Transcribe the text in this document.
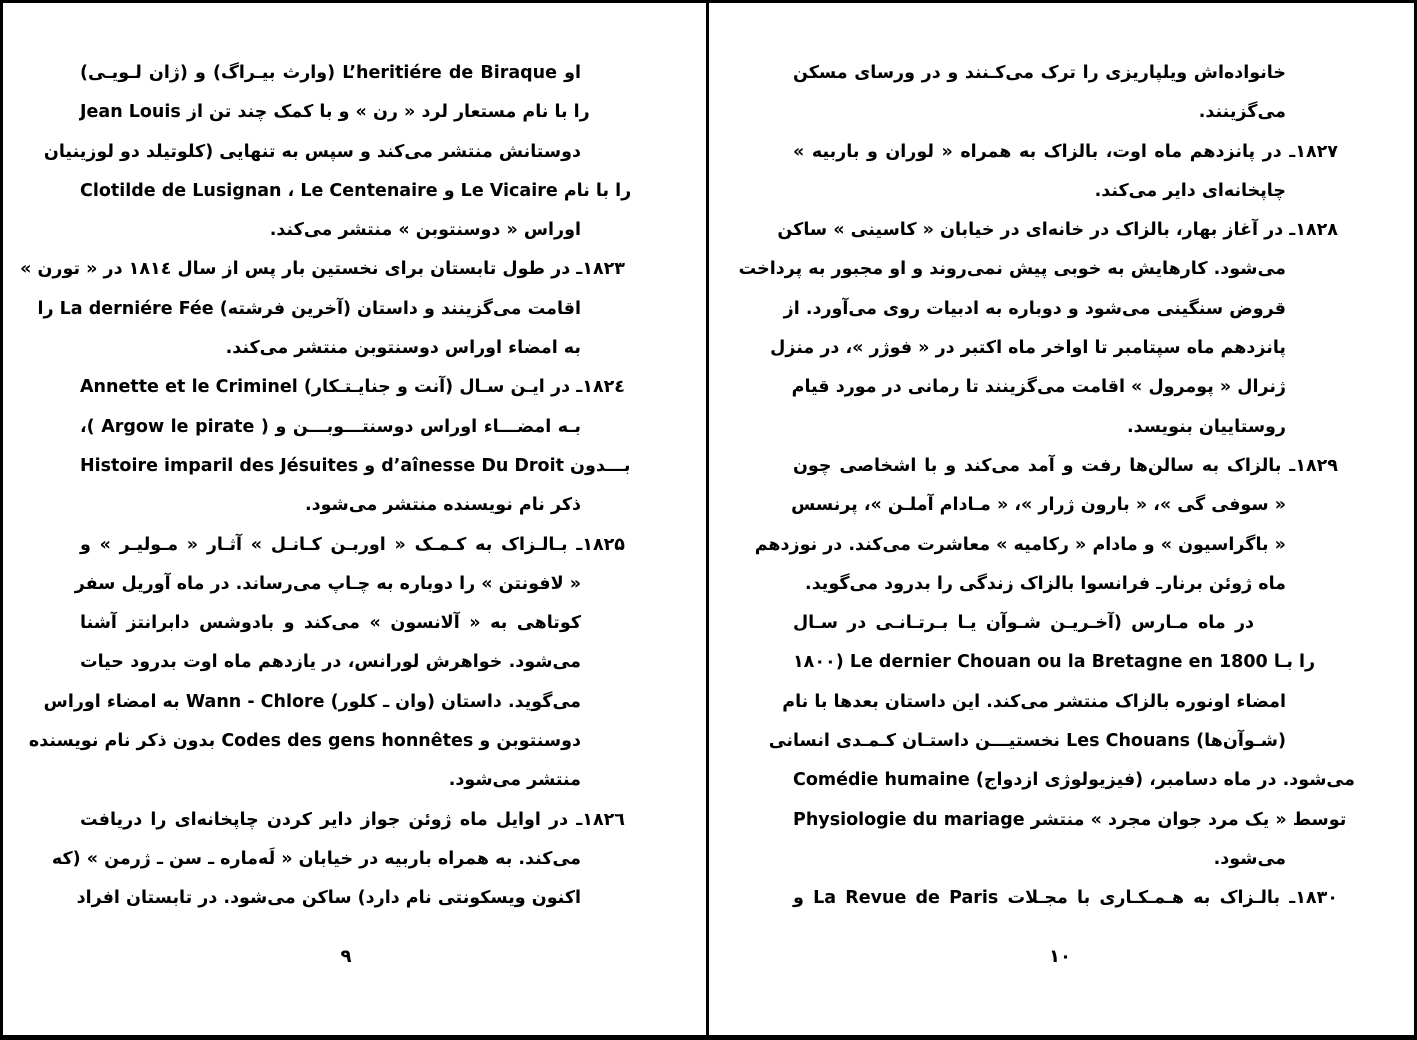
او L’heritiére de Biraque (وارث بیـراگ) و (ژان لـویـی)
Jean Louis را با نام مستعار لرد « رن » و با کمک چند تن از
دوستانش منتشر می‌کند و سپس به تنهایی (کلوتیلد دو لوزینیان
Clotilde de Lusignan ، Le Centenaire و Le Vicaire را با نام
اوراس « دوسنتوبن » منتشر می‌کند.
۱۸۲۳ـ در طول تابستان برای نخستین بار پس از سال ۱۸۱٤ در « تورن »
اقامت می‌گزینند و داستان (آخرین فرشته) La derniére Fée را
به امضاء اوراس دوسنتوبن منتشر می‌کند.
۱۸۲٤ـ در ایـن سـال (آنت و جنایـتـکار) Annette et le Criminel
،( Argow le pirate ) بـه امضـــاء اوراس دوسنتـــوبـــن و
Histoire imparil des Jésuites و d’aînesse Du Droit بـــدون
ذکر نام نویسنده منتشر می‌شود.
۱۸۲۵ـ بـالـزاک به کـمـک « اوربـن کـانـل » آثـار « مـولیـر » و
« لافونتن » را دوباره به چـاپ می‌رساند. در ماه آوریل سفر
کوتاهی به « آلانسون » می‌کند و بادوشس دابرانتز آشنا
می‌شود. خواهرش لورانس، در یازدهم ماه اوت بدرود حیات
می‌گوید. داستان (وان ـ کلور) Wann - Chlore به امضاء اوراس
دوسنتوبن و Codes des gens honnêtes بدون ذکر نام نویسنده
منتشر می‌شود.
۱۸۲٦ـ در اوایل ماه ژوئن جواز دایر کردن چاپخانه‌ای را دریافت
می‌کند. به همراه باربیه در خیابان « لَه‌ماره ـ سن ـ ژرمن » (که
اکنون ویسکونتی نام دارد) ساکن می‌شود. در تابستان افراد
۹
خانواده‌اش ویلپاریزی را ترک می‌کـنند و در ورسای مسکن
می‌گزینند.
۱۸۲۷ـ در پانزدهم ماه اوت، بالزاک به همراه « لوران و باربیه »
چاپخانه‌ای دایر می‌کند.
۱۸۲۸ـ در آغاز بهار، بالزاک در خانه‌ای در خیابان « کاسینی » ساکن
می‌شود. کارهایش به خوبی پیش نمی‌روند و او مجبور به پرداخت
قروض سنگینی می‌شود و دوباره به ادبیات روی می‌آورد. از
پانزدهم ماه سپتامبر تا اواخر ماه اکتبر در « فوژر »، در منزل
ژنرال « پومرول » اقامت می‌گزینند تا رمانی در مورد قیام
روستاییان بنویسد.
۱۸۲۹ـ بالزاک به سالن‌ها رفت و آمد می‌کند و با اشخاصی چون
« سوفی گی »، « بارون ژرار »، « مـادام آملـن »، پرنسس
« باگراسیون » و مادام « رکامیه » معاشرت می‌کند. در نوزدهم
ماه ژوئن برنارـ فرانسوا بالزاک زندگی را بدرود می‌گوید.
در ماه مـارس (آخـریـن شـوآن یـا بـرتـانـی در سـال
۱۸۰۰) Le dernier Chouan ou la Bretagne en 1800 را بـا
امضاء اونوره بالزاک منتشر می‌کند. این داستان بعدها با نام
(شـوآن‌ها) Les Chouans نخستیـــن داستـان کـمـدی انسانی
Comédie humaine می‌شود. در ماه دسامبر، (فیزیولوژی ازدواج)
Physiologie du mariage توسط « یک مرد جوان مجرد » منتشر
می‌شود.
۱۸۳۰ـ بالـزاک به هـمـکـاری با مجـلات La Revue de Paris و
۱۰
